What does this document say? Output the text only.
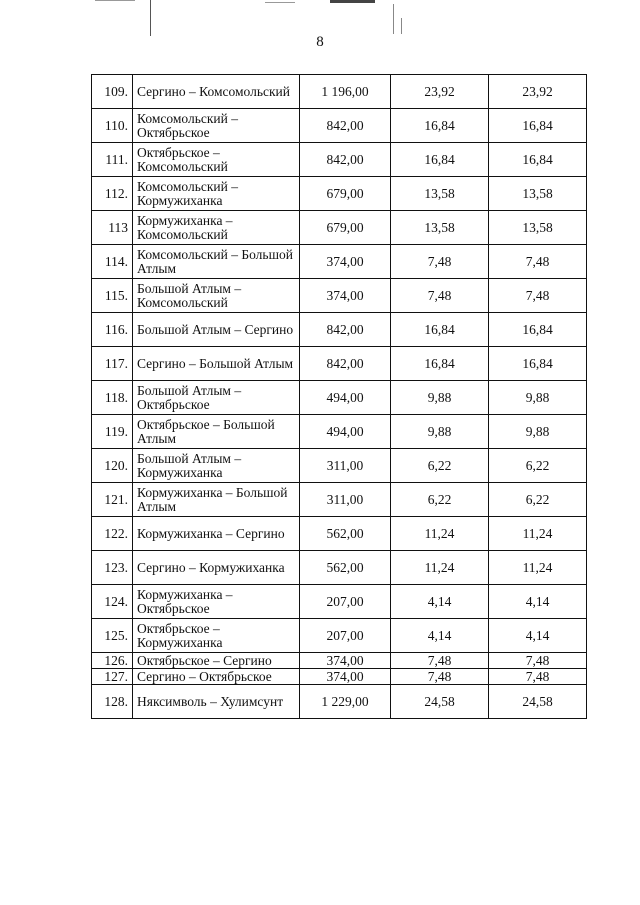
8
109.	Сергино – Комсомольский	1 196,00	23,92	23,92
110.	Комсомольский – Октябрьское	842,00	16,84	16,84
111.	Октябрьское – Комсомольский	842,00	16,84	16,84
112.	Комсомольский – Кормужиханка	679,00	13,58	13,58
113	Кормужиханка – Комсомольский	679,00	13,58	13,58
114.	Комсомольский – Большой Атлым	374,00	7,48	7,48
115.	Большой Атлым – Комсомольский	374,00	7,48	7,48
116.	Большой Атлым – Сергино	842,00	16,84	16,84
117.	Сергино – Большой Атлым	842,00	16,84	16,84
118.	Большой Атлым – Октябрьское	494,00	9,88	9,88
119.	Октябрьское – Большой Атлым	494,00	9,88	9,88
120.	Большой Атлым – Кормужиханка	311,00	6,22	6,22
121.	Кормужиханка – Большой Атлым	311,00	6,22	6,22
122.	Кормужиханка – Сергино	562,00	11,24	11,24
123.	Сергино – Кормужиханка	562,00	11,24	11,24
124.	Кормужиханка – Октябрьское	207,00	4,14	4,14
125.	Октябрьское – Кормужиханка	207,00	4,14	4,14
126.	Октябрьское – Сергино	374,00	7,48	7,48
127.	Сергино – Октябрьское	374,00	7,48	7,48
128.	Няксимволь – Хулимсунт	1 229,00	24,58	24,58
